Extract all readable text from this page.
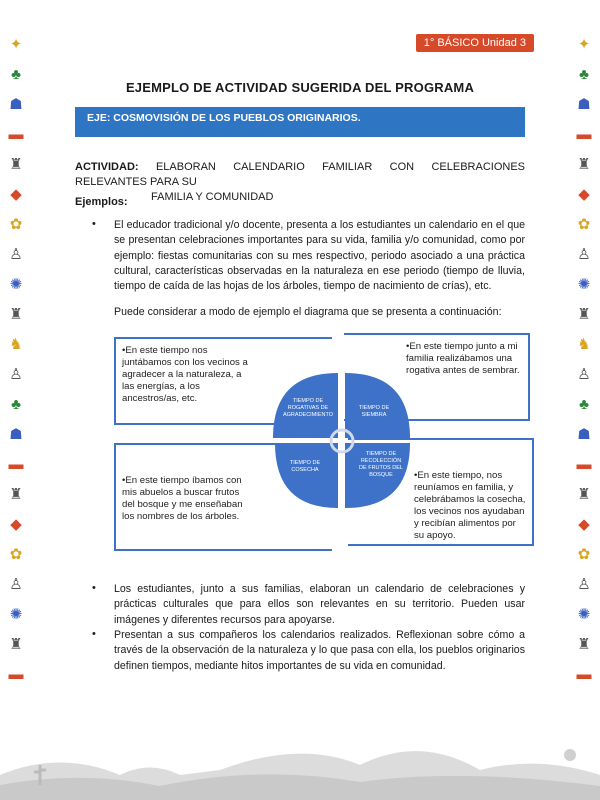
✦
♣
☗
▬
♜
◆
✿
♙
✺
♜
♞
♙
♣
☗
▬
♜
◆
✿
♙
✺
♜
▬
✦
♣
☗
▬
♜
◆
✿
♙
✺
♜
♞
♙
♣
☗
▬
♜
◆
✿
♙
✺
♜
▬
1° BÁSICO Unidad 3
EJEMPLO DE ACTIVIDAD SUGERIDA DEL PROGRAMA
EJE: COSMOVISIÓN DE LOS PUEBLOS ORIGINARIOS.
ACTIVIDAD: ELABORAN CALENDARIO FAMILIAR CON CELEBRACIONES RELEVANTES PARA SU
FAMILIA Y COMUNIDAD
Ejemplos:
• El educador tradicional y/o docente, presenta a los estudiantes un calendario en el que se presentan celebraciones importantes para su vida, familia y/o comunidad, como por ejemplo: fiestas comunitarias con su mes respectivo, periodo asociado a una práctica cultural, características observadas en la naturaleza en ese periodo (tiempo de lluvia, tiempo de caída de las hojas de los árboles, tiempo de nacimiento de crías), etc.
Puede considerar a modo de ejemplo el diagrama que se presenta a continuación:
•En este tiempo nos juntábamos con los vecinos a agradecer a la naturaleza, a las energías, a los ancestros/as, etc.
•En este tiempo junto a mi familia realizábamos una rogativa antes de sembrar.
•En este tiempo íbamos con mis abuelos a buscar frutos del bosque y me enseñaban los nombres de los árboles.
•En este tiempo, nos reuníamos en familia, y celebrábamos la cosecha, los vecinos nos ayudaban y recibían alimentos por su apoyo.
TIEMPO DE ROGATIVAS DE AGRADECIMIENTO
TIEMPO DE SIEMBRA
TIEMPO DE COSECHA
TIEMPO DE RECOLECCIÓN DE FRUTOS DEL BOSQUE
• Los estudiantes, junto a sus familias, elaboran un calendario de celebraciones y prácticas culturales que para ellos son relevantes en su territorio. Pueden usar imágenes y diferentes recursos para apoyarse.
• Presentan a sus compañeros los calendarios realizados. Reflexionan sobre cómo a través de la observación de la naturaleza y lo que pasa con ella, los pueblos originarios definen tiempos, mediante hitos importantes de su vida en comunidad.
